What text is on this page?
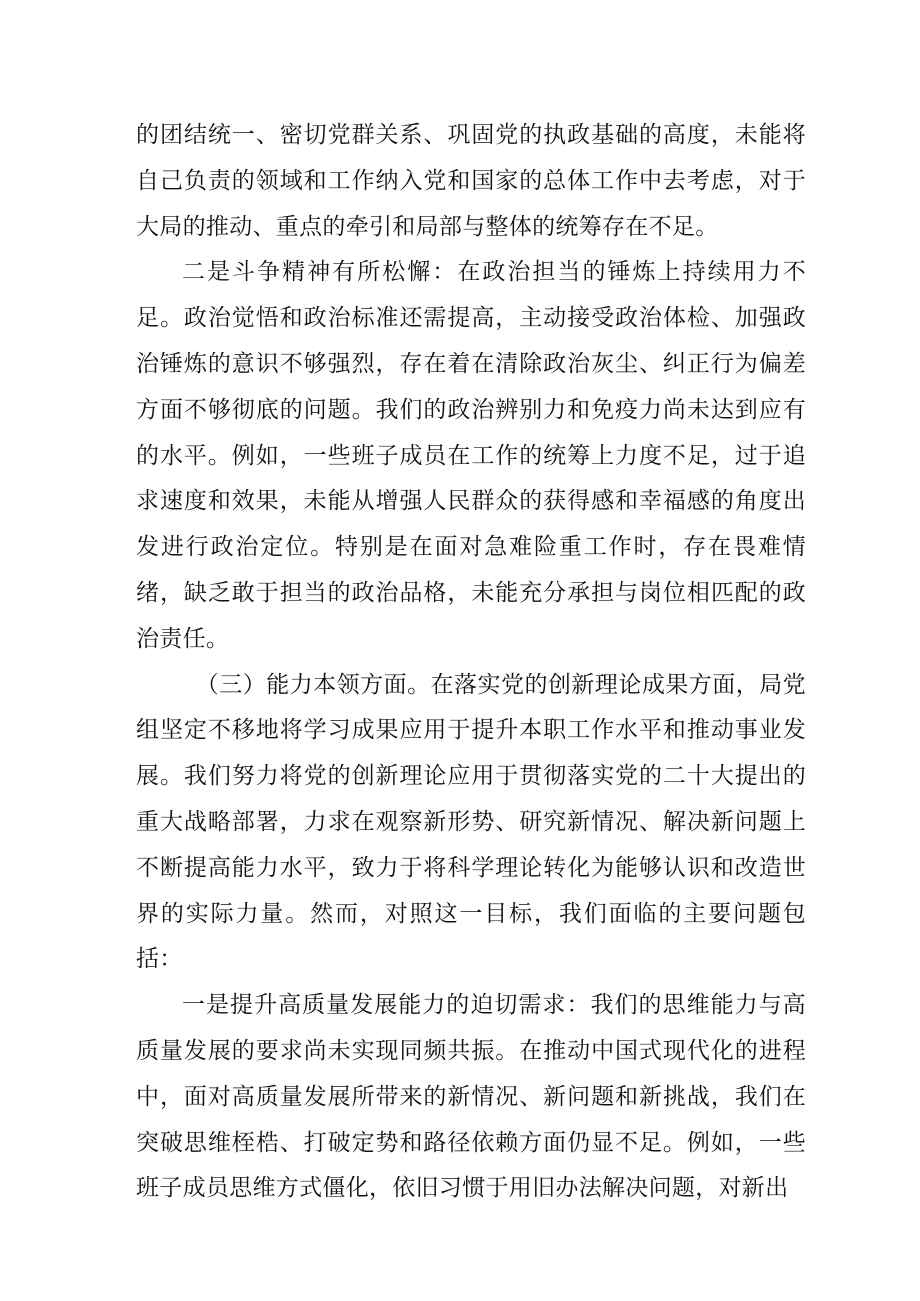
的团结统一、密切党群关系、巩固党的执政基础的高度，未能将自己负责的领域和工作纳入党和国家的总体工作中去考虑，对于大局的推动、重点的牵引和局部与整体的统筹存在不足。

二是斗争精神有所松懈：在政治担当的锤炼上持续用力不足。政治觉悟和政治标准还需提高，主动接受政治体检、加强政治锤炼的意识不够强烈，存在着在清除政治灰尘、纠正行为偏差方面不够彻底的问题。我们的政治辨别力和免疫力尚未达到应有的水平。例如，一些班子成员在工作的统筹上力度不足，过于追求速度和效果，未能从增强人民群众的获得感和幸福感的角度出发进行政治定位。特别是在面对急难险重工作时，存在畏难情绪，缺乏敢于担当的政治品格，未能充分承担与岗位相匹配的政治责任。

（三）能力本领方面。在落实党的创新理论成果方面，局党组坚定不移地将学习成果应用于提升本职工作水平和推动事业发展。我们努力将党的创新理论应用于贯彻落实党的二十大提出的重大战略部署，力求在观察新形势、研究新情况、解决新问题上不断提高能力水平，致力于将科学理论转化为能够认识和改造世界的实际力量。然而，对照这一目标，我们面临的主要问题包括：

一是提升高质量发展能力的迫切需求：我们的思维能力与高质量发展的要求尚未实现同频共振。在推动中国式现代化的进程中，面对高质量发展所带来的新情况、新问题和新挑战，我们在突破思维桎梏、打破定势和路径依赖方面仍显不足。例如，一些班子成员思维方式僵化，依旧习惯于用旧办法解决问题，对新出
